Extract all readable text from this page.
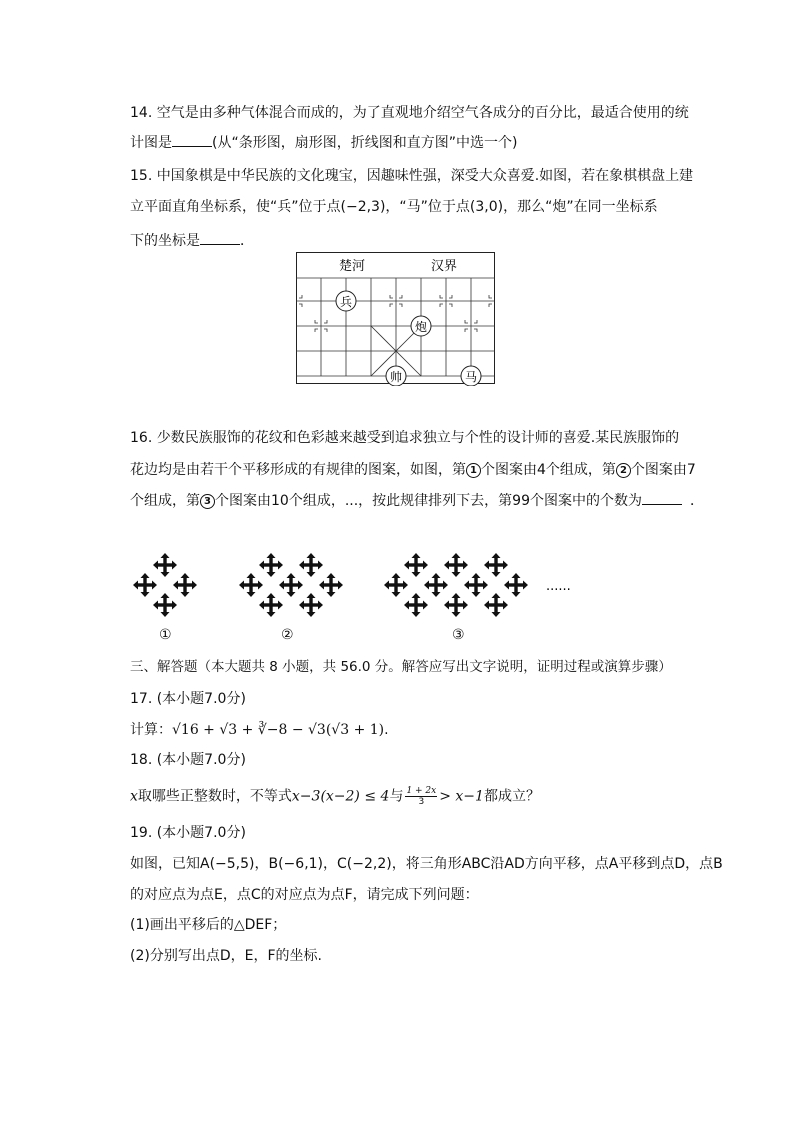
14. 空气是由多种气体混合而成的，为了直观地介绍空气各成分的百分比，最适合使用的统
计图是	(从“条形图，扇形图，折线图和直方图”中选一个)
15. 中国象棋是中华民族的文化瑰宝，因趣味性强，深受大众喜爱.如图，若在象棋棋盘上建
立平面直角坐标系，使“兵”位于点(−2,3)，“马”位于点(3,0)，那么“炮”在同一坐标系
下的坐标是	．
楚河	汉界
兵
炮
帅	马
16. 少数民族服饰的花纹和色彩越来越受到追求独立与个性的设计师的喜爱.某民族服饰的
花边均是由若干个平移形成的有规律的图案，如图，第 1 个图案由4个组成，第 2 个图案由7
个组成，第 3 个图案由10个组成，...，按此规律排列下去，第99个图案中的个数为	．
......
①	②	③
三、解答题（本大题共 8 小题，共 56.0 分。解答应写出文字说明，证明过程或演算步骤）
17. (本小题7.0分)
计算：√16 + √3 + ∛−8 − √3(√3 + 1).
18. (本小题7.0分)
x取哪些正整数时，不等式x−3(x−2) ≤ 4与 $\frac{1 + 2x}{3} > x-1$都成立？
19. (本小题7.0分)
如图，已知A(−5,5)，B(−6,1)，C(−2,2)，将三角形ABC沿AD方向平移，点A平移到点D，点B
的对应点为点E，点C的对应点为点F，请完成下列问题：
(1)画出平移后的△DEF；
(2)分别写出点D，E，F的坐标.
